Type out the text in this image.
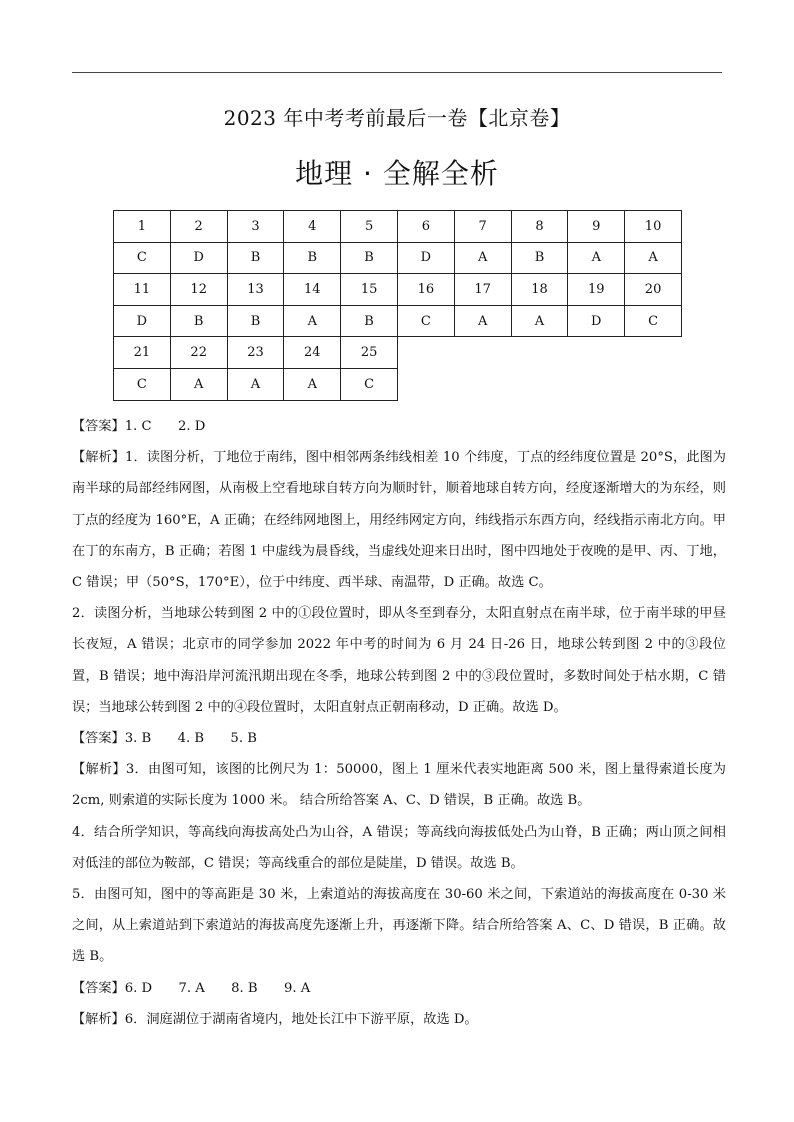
2023 年中考考前最后一卷【北京卷】
地理 · 全解全析
1	2	3	4	5	6	7	8	9	10
C	D	B	B	B	D	A	B	A	A
11	12	13	14	15	16	17	18	19	20
D	B	B	A	B	C	A	A	D	C
21	22	23	24	25					
C	A	A	A	C					

【答案】1. C　　2. D

【解析】1．读图分析，丁地位于南纬，图中相邻两条纬线相差 10 个纬度，丁点的经纬度位置是 20°S，此图为南半球的局部经纬网图，从南极上空看地球自转方向为顺时针，顺着地球自转方向，经度逐渐增大的为东经，则丁点的经度为 160°E，A 正确；在经纬网地图上，用经纬网定方向，纬线指示东西方向，经线指示南北方向。甲在丁的东南方，B 正确；若图 1 中虚线为晨昏线，当虚线处迎来日出时，图中四地处于夜晚的是甲、丙、丁地，C 错误；甲（50°S，170°E），位于中纬度、西半球、南温带，D 正确。故选 C。

2．读图分析，当地球公转到图 2 中的①段位置时，即从冬至到春分，太阳直射点在南半球，位于南半球的甲昼长夜短，A 错误；北京市的同学参加 2022 年中考的时间为 6 月 24 日-26 日，地球公转到图 2 中的③段位置，B 错误；地中海沿岸河流汛期出现在冬季，地球公转到图 2 中的③段位置时，多数时间处于枯水期，C 错误；当地球公转到图 2 中的④段位置时，太阳直射点正朝南移动，D 正确。故选 D。

【答案】3. B　　4. B　　5. B

【解析】3．由图可知，该图的比例尺为 1：50000，图上 1 厘米代表实地距离 500 米，图上量得索道长度为 2cm, 则索道的实际长度为 1000 米。 结合所给答案 A、C、D 错误，B 正确。故选 B。

4．结合所学知识，等高线向海拔高处凸为山谷，A 错误；等高线向海拔低处凸为山脊，B 正确；两山顶之间相对低洼的部位为鞍部，C 错误；等高线重合的部位是陡崖，D 错误。故选 B。

5．由图可知，图中的等高距是 30 米，上索道站的海拔高度在 30-60 米之间，下索道站的海拔高度在 0-30 米之间，从上索道站到下索道站的海拔高度先逐渐上升，再逐渐下降。结合所给答案 A、C、D 错误，B 正确。故选 B。

【答案】6. D　　7. A　　8. B　　9. A

【解析】6．洞庭湖位于湖南省境内，地处长江中下游平原，故选 D。
